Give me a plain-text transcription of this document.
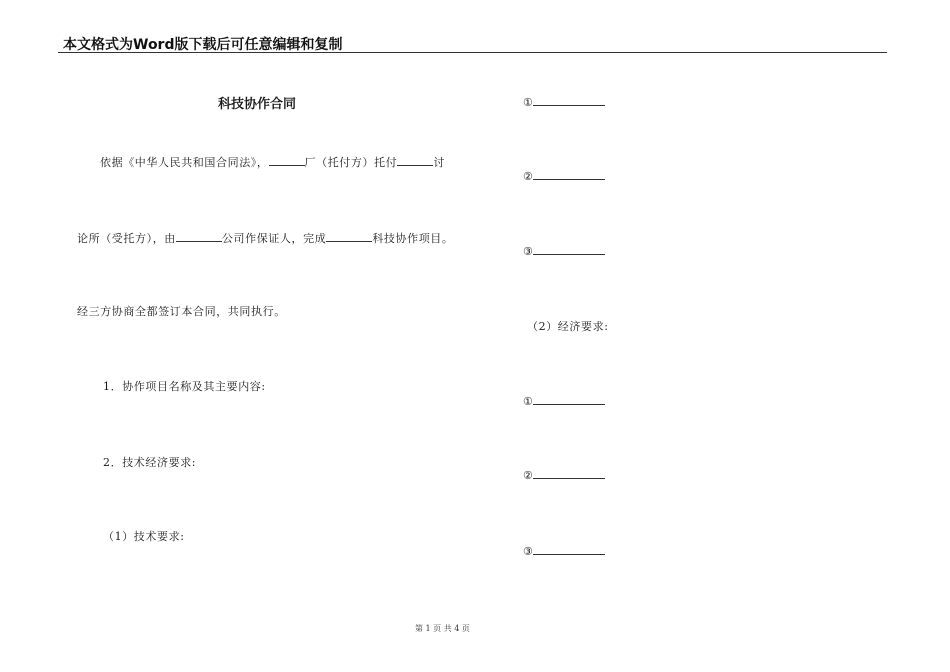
本文格式为Word版下载后可任意编辑和复制
科技协作合同
依据《中华人民共和国合同法》，	厂（托付方）托付	讨
论所（受托方），由	公司作保证人，完成	科技协作项目。
经三方协商全都签订本合同，共同执行。
1．协作项目名称及其主要内容:
2．技术经济要求:
（1）技术要求:
①
②
③
（2）经济要求:
①
②
③
第 1 页 共 4 页
